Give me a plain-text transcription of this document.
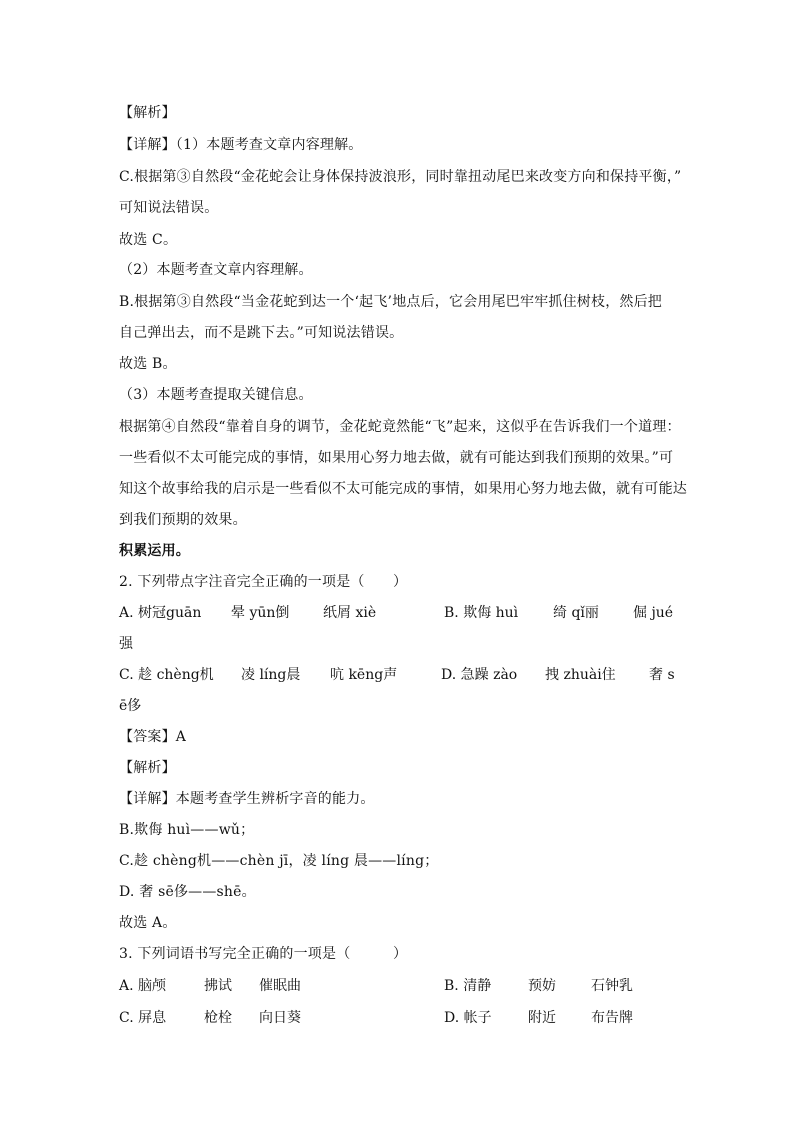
【解析】
【详解】（1）本题考查文章内容理解。
C.根据第③自然段“金花蛇会让身体保持波浪形，同时靠扭动尾巴来改变方向和保持平衡，”
可知说法错误。
故选 C。
（2）本题考查文章内容理解。
B.根据第③自然段“当金花蛇到达一个‘起飞’地点后，它会用尾巴牢牢抓住树枝，然后把
自己弹出去，而不是跳下去。”可知说法错误。
故选 B。
（3）本题考查提取关键信息。
根据第④自然段“靠着自身的调节，金花蛇竟然能“飞”起来，这似乎在告诉我们一个道理：
一些看似不太可能完成的事情，如果用心努力地去做，就有可能达到我们预期的效果。”可
知这个故事给我的启示是一些看似不太可能完成的事情，如果用心努力地去做，就有可能达
到我们预期的效果。
积累运用。
2. 下列带点字注音完全正确的一项是（　　）
A. 树冠guān 晕 yūn倒 纸屑 xiè	B. 欺侮 huì 绮 qǐ丽 倔 jué
强
C. 趁 chèng机 凌 líng晨 吭 kēng声	D. 急躁 zào 拽 zhuài住 奢 s
ē侈
【答案】A
【解析】
【详解】本题考查学生辨析字音的能力。
B.欺侮 huì——wǔ；
C.趁 chèng机——chèn jī，凌 líng 晨——líng；
D. 奢 sē侈——shē。
故选 A。
3. 下列词语书写完全正确的一项是（　　　）
A. 脑颅	拂试 催眠曲	B. 清静	预妨	石钟乳
C. 屏息	枪栓 向日葵	D. 帐子	附近	布告牌
